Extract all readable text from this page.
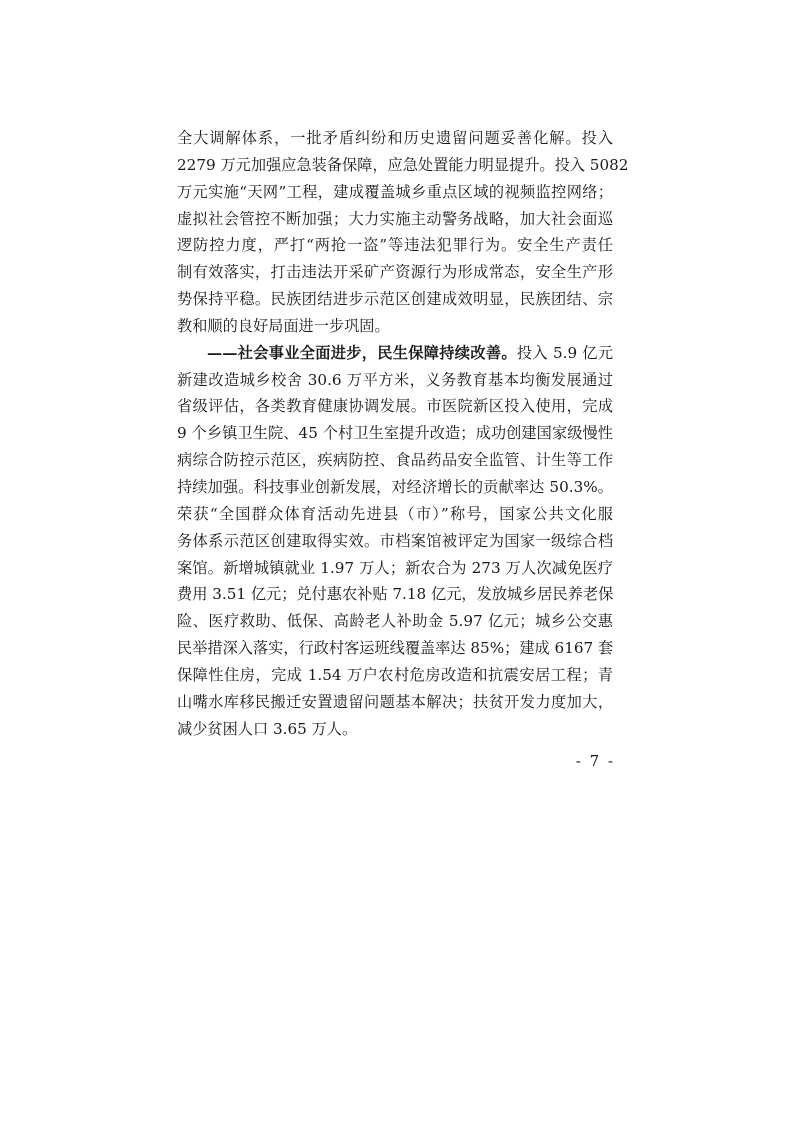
全大调解体系，一批矛盾纠纷和历史遗留问题妥善化解。投入
2279 万元加强应急装备保障，应急处置能力明显提升。投入 5082
万元实施“天网”工程，建成覆盖城乡重点区域的视频监控网络；
虚拟社会管控不断加强；大力实施主动警务战略，加大社会面巡
逻防控力度，严打“两抢一盗”等违法犯罪行为。安全生产责任
制有效落实，打击违法开采矿产资源行为形成常态，安全生产形
势保持平稳。民族团结进步示范区创建成效明显，民族团结、宗
教和顺的良好局面进一步巩固。
——社会事业全面进步，民生保障持续改善。投入 5.9 亿元
新建改造城乡校舍 30.6 万平方米，义务教育基本均衡发展通过
省级评估，各类教育健康协调发展。市医院新区投入使用，完成
9 个乡镇卫生院、45 个村卫生室提升改造；成功创建国家级慢性
病综合防控示范区，疾病防控、食品药品安全监管、计生等工作
持续加强。科技事业创新发展，对经济增长的贡献率达 50.3%。
荣获“全国群众体育活动先进县（市）”称号，国家公共文化服
务体系示范区创建取得实效。市档案馆被评定为国家一级综合档
案馆。新增城镇就业 1.97 万人；新农合为 273 万人次减免医疗
费用 3.51 亿元；兑付惠农补贴 7.18 亿元，发放城乡居民养老保
险、医疗救助、低保、高龄老人补助金 5.97 亿元；城乡公交惠
民举措深入落实，行政村客运班线覆盖率达 85%；建成 6167 套
保障性住房，完成 1.54 万户农村危房改造和抗震安居工程；青
山嘴水库移民搬迁安置遗留问题基本解决；扶贫开发力度加大，
减少贫困人口 3.65 万人。
- 7 -
